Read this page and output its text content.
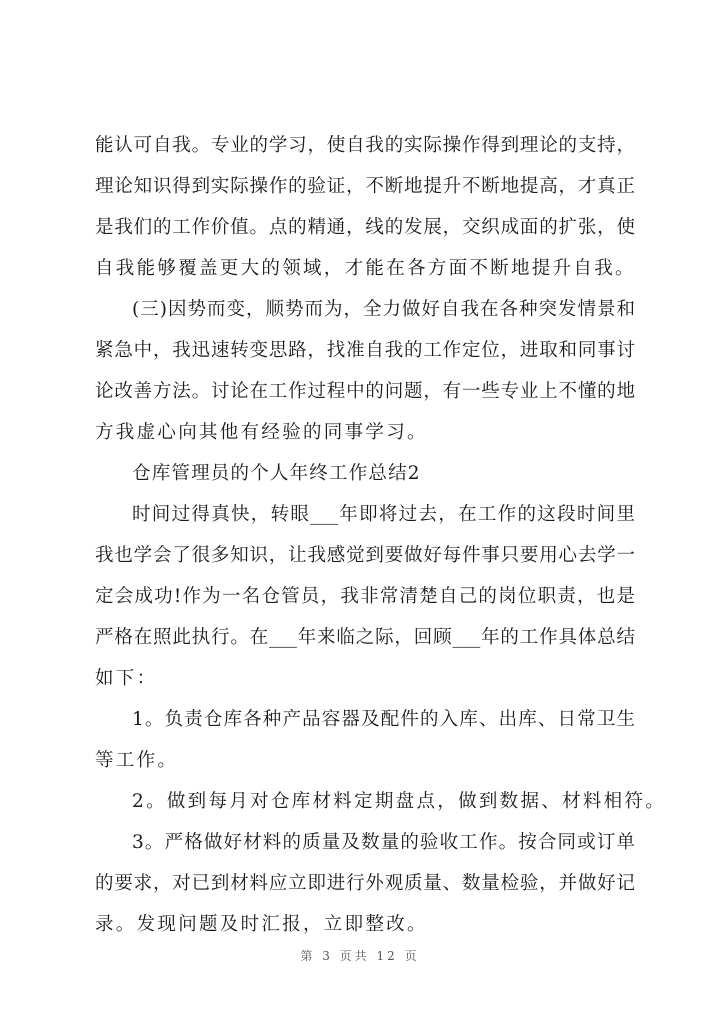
能认可自我。专业的学习，使自我的实际操作得到理论的支持，
理论知识得到实际操作的验证，不断地提升不断地提高，才真正
是我们的工作价值。点的精通，线的发展，交织成面的扩张，使
自我能够覆盖更大的领域，才能在各方面不断地提升自我。
(三)因势而变，顺势而为，全力做好自我在各种突发情景和
紧急中，我迅速转变思路，找准自我的工作定位，进取和同事讨
论改善方法。讨论在工作过程中的问题，有一些专业上不懂的地
方我虚心向其他有经验的同事学习。
仓库管理员的个人年终工作总结2
时间过得真快，转眼___年即将过去，在工作的这段时间里
我也学会了很多知识，让我感觉到要做好每件事只要用心去学一
定会成功!作为一名仓管员，我非常清楚自己的岗位职责，也是
严格在照此执行。在___年来临之际，回顾___年的工作具体总结
如下：
1。负责仓库各种产品容器及配件的入库、出库、日常卫生
等工作。
2。做到每月对仓库材料定期盘点，做到数据、材料相符。
3。严格做好材料的质量及数量的验收工作。按合同或订单
的要求，对已到材料应立即进行外观质量、数量检验，并做好记
录。发现问题及时汇报，立即整改。
第 3 页共 12 页
